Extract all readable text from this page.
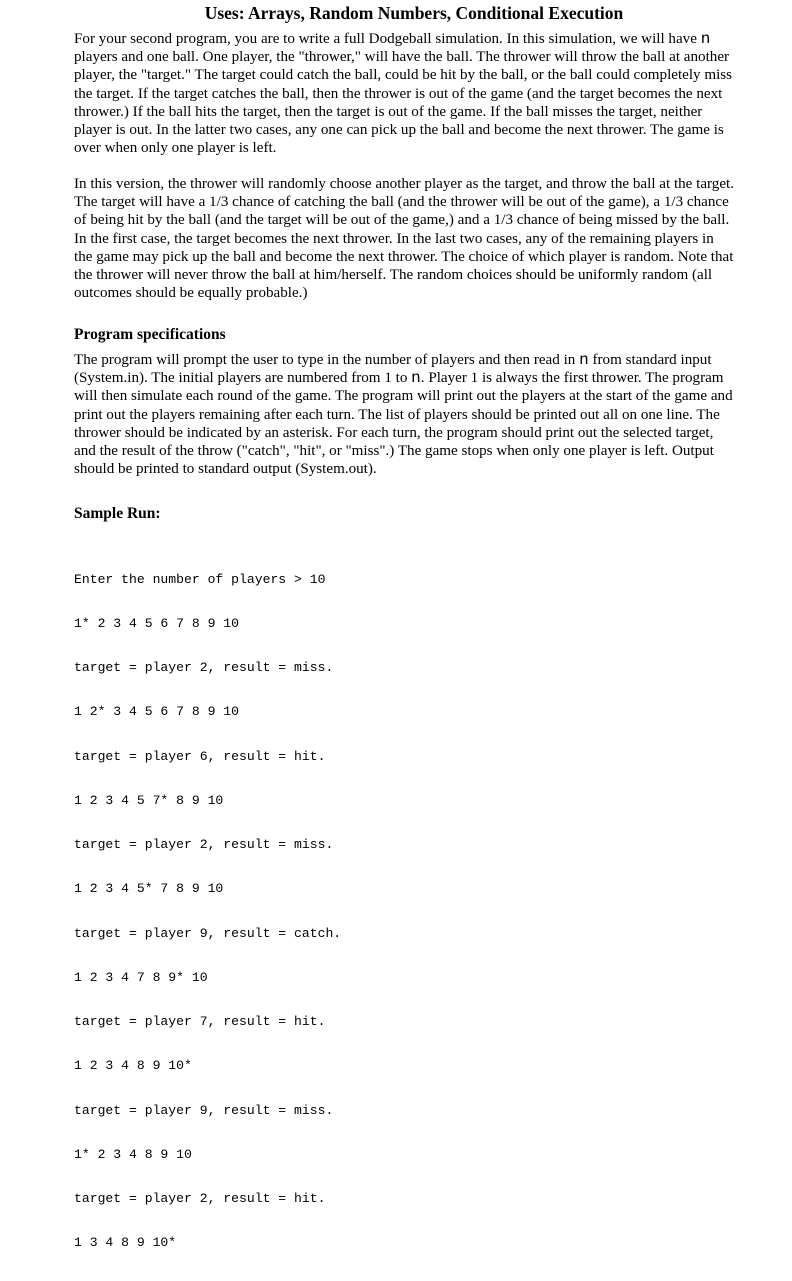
Uses: Arrays, Random Numbers, Conditional Execution

For your second program, you are to write a full Dodgeball simulation. In this simulation, we will have n

players and one ball. One player, the "thrower," will have the ball. The thrower will throw the ball at another

player, the "target." The target could catch the ball, could be hit by the ball, or the ball could completely miss

the target. If the target catches the ball, then the thrower is out of the game (and the target becomes the next

thrower.) If the ball hits the target, then the target is out of the game. If the ball misses the target, neither

player is out. In the latter two cases, any one can pick up the ball and become the next thrower. The game is

over when only one player is left.

In this version, the thrower will randomly choose another player as the target, and throw the ball at the target.

The target will have a 1/3 chance of catching the ball (and the thrower will be out of the game), a 1/3 chance

of being hit by the ball (and the target will be out of the game,) and a 1/3 chance of being missed by the ball.

In the first case, the target becomes the next thrower. In the last two cases, any of the remaining players in

the game may pick up the ball and become the next thrower. The choice of which player is random. Note that

the thrower will never throw the ball at him/herself. The random choices should be uniformly random (all

outcomes should be equally probable.)

Program specifications

The program will prompt the user to type in the number of players and then read in n from standard input

(System.in). The initial players are numbered from 1 to n. Player 1 is always the first thrower. The program

will then simulate each round of the game. The program will print out the players at the start of the game and

print out the players remaining after each turn. The list of players should be printed out all on one line. The

thrower should be indicated by an asterisk. For each turn, the program should print out the selected target,

and the result of the throw ("catch", "hit", or "miss".) The game stops when only one player is left. Output

should be printed to standard output (System.out).

Sample Run:

Enter the number of players > 10

1* 2 3 4 5 6 7 8 9 10

target = player 2, result = miss.

1 2* 3 4 5 6 7 8 9 10

target = player 6, result = hit.

1 2 3 4 5 7* 8 9 10

target = player 2, result = miss.

1 2 3 4 5* 7 8 9 10

target = player 9, result = catch.

1 2 3 4 7 8 9* 10

target = player 7, result = hit.

1 2 3 4 8 9 10*

target = player 9, result = miss.

1* 2 3 4 8 9 10

target = player 2, result = hit.

1 3 4 8 9 10*
